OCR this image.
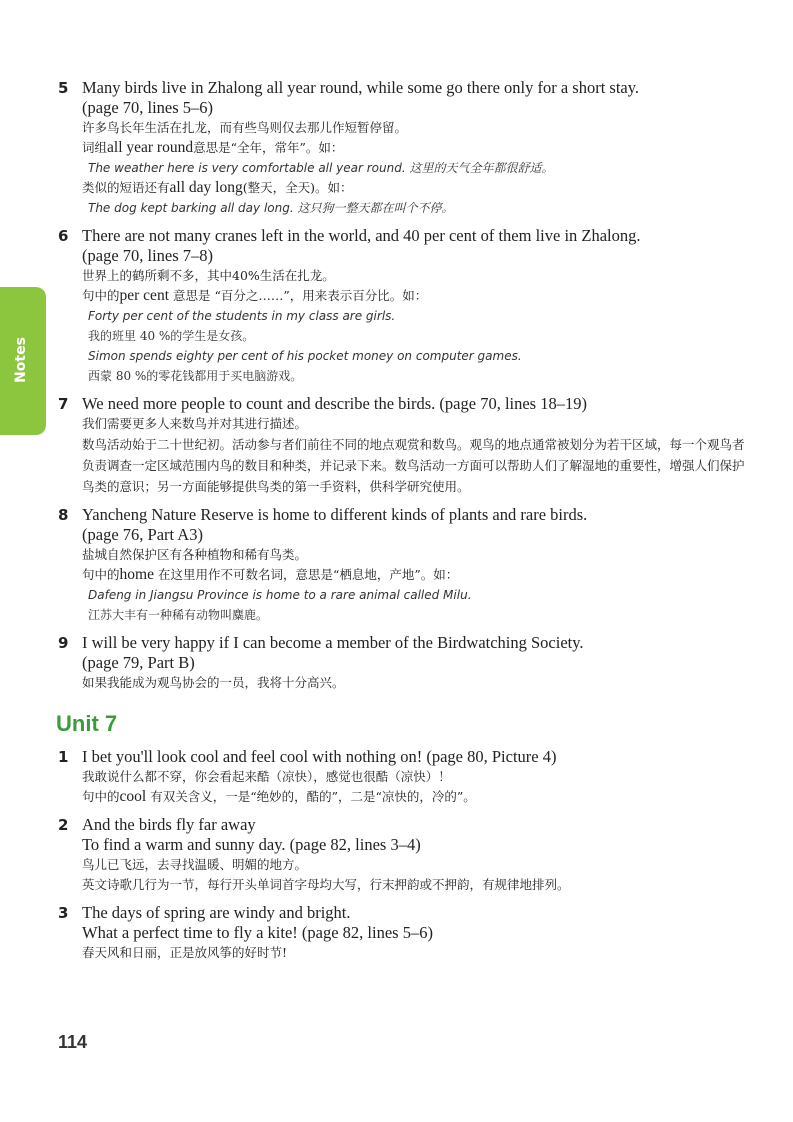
Notes
5 Many birds live in Zhalong all year round, while some go there only for a short stay.

(page 70, lines 5–6)

许多鸟长年生活在扎龙，而有些鸟则仅去那儿作短暂停留。

词组all year round意思是“全年，常年”。如：

The weather here is very comfortable all year round. 这里的天气全年都很舒适。

类似的短语还有all day long(整天，全天)。如：

The dog kept barking all day long. 这只狗一整天都在叫个不停。

6 There are not many cranes left in the world, and 40 per cent of them live in Zhalong.

(page 70, lines 7–8)

世界上的鹤所剩不多，其中40%生活在扎龙。

句中的per cent 意思是 “百分之……”，用来表示百分比。如：

Forty per cent of the students in my class are girls.

我的班里 40 %的学生是女孩。

Simon spends eighty per cent of his pocket money on computer games.

西蒙 80 %的零花钱都用于买电脑游戏。

7 We need more people to count and describe the birds. (page 70, lines 18–19)

我们需要更多人来数鸟并对其进行描述。

数鸟活动始于二十世纪初。活动参与者们前往不同的地点观赏和数鸟。观鸟的地点通常被划分为若干区域，每一个观鸟者负责调查一定区域范围内鸟的数目和种类，并记录下来。数鸟活动一方面可以帮助人们了解湿地的重要性，增强人们保护鸟类的意识；另一方面能够提供鸟类的第一手资料，供科学研究使用。

8 Yancheng Nature Reserve is home to different kinds of plants and rare birds.

(page 76, Part A3)

盐城自然保护区有各种植物和稀有鸟类。

句中的home 在这里用作不可数名词，意思是“栖息地，产地”。如：

Dafeng in Jiangsu Province is home to a rare animal called Milu.

江苏大丰有一种稀有动物叫麋鹿。

9 I will be very happy if I can become a member of the Birdwatching Society.

(page 79, Part B)

如果我能成为观鸟协会的一员，我将十分高兴。

Unit 7
1 I bet you'll look cool and feel cool with nothing on! (page 80, Picture 4)

我敢说什么都不穿，你会看起来酷（凉快），感觉也很酷（凉快）！

句中的cool 有双关含义，一是“绝妙的，酷的”，二是“凉快的，冷的”。

2 And the birds fly far away

To find a warm and sunny day. (page 82, lines 3–4)

鸟儿已飞远，去寻找温暖、明媚的地方。

英文诗歌几行为一节，每行开头单词首字母均大写，行末押韵或不押韵，有规律地排列。

3 The days of spring are windy and bright.

What a perfect time to fly a kite! (page 82, lines 5–6)

春天风和日丽，正是放风筝的好时节!

114
